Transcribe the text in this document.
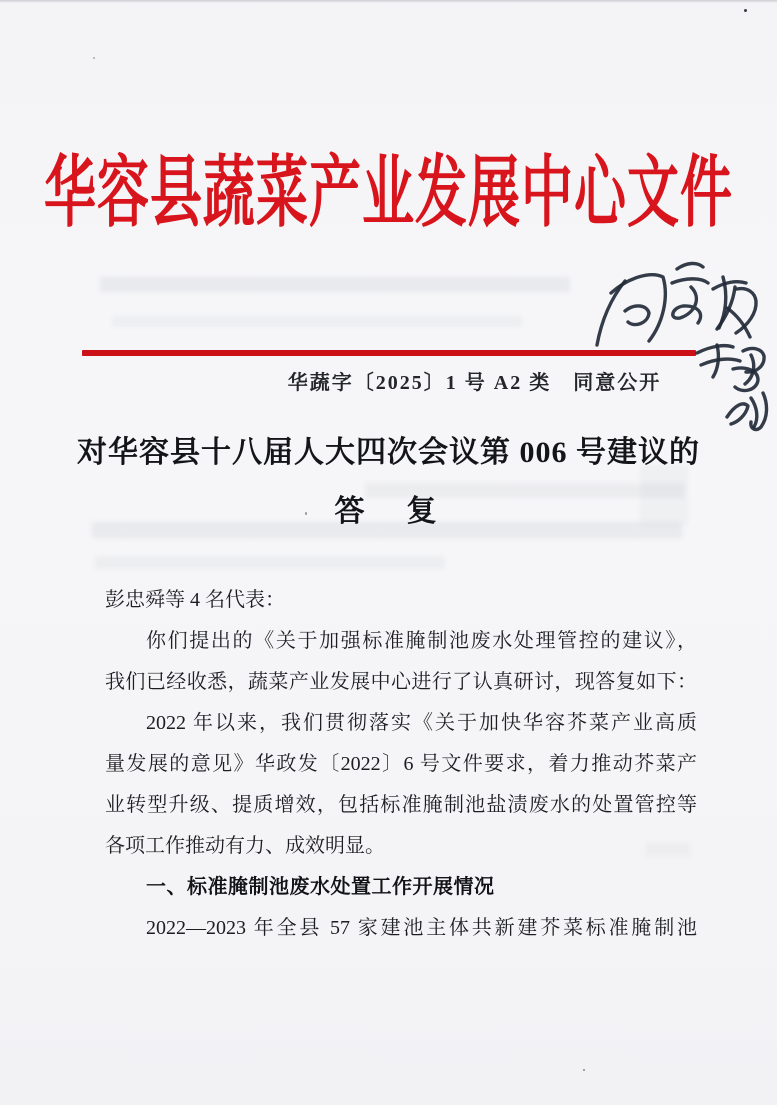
华容县蔬菜产业发展中心文件
华蔬字〔2025〕1 号 A2 类　同意公开
对华容县十八届人大四次会议第 006 号建议的
答　复
彭忠舜等 4 名代表：
你们提出的《关于加强标准腌制池废水处理管控的建议》，
我们已经收悉，蔬菜产业发展中心进行了认真研讨，现答复如下：
2022 年以来，我们贯彻落实《关于加快华容芥菜产业高质
量发展的意见》华政发〔2022〕6 号文件要求，着力推动芥菜产
业转型升级、提质增效，包括标准腌制池盐渍废水的处置管控等
各项工作推动有力、成效明显。
一、标准腌制池废水处置工作开展情况
2022—2023 年全县 57 家建池主体共新建芥菜标准腌制池
